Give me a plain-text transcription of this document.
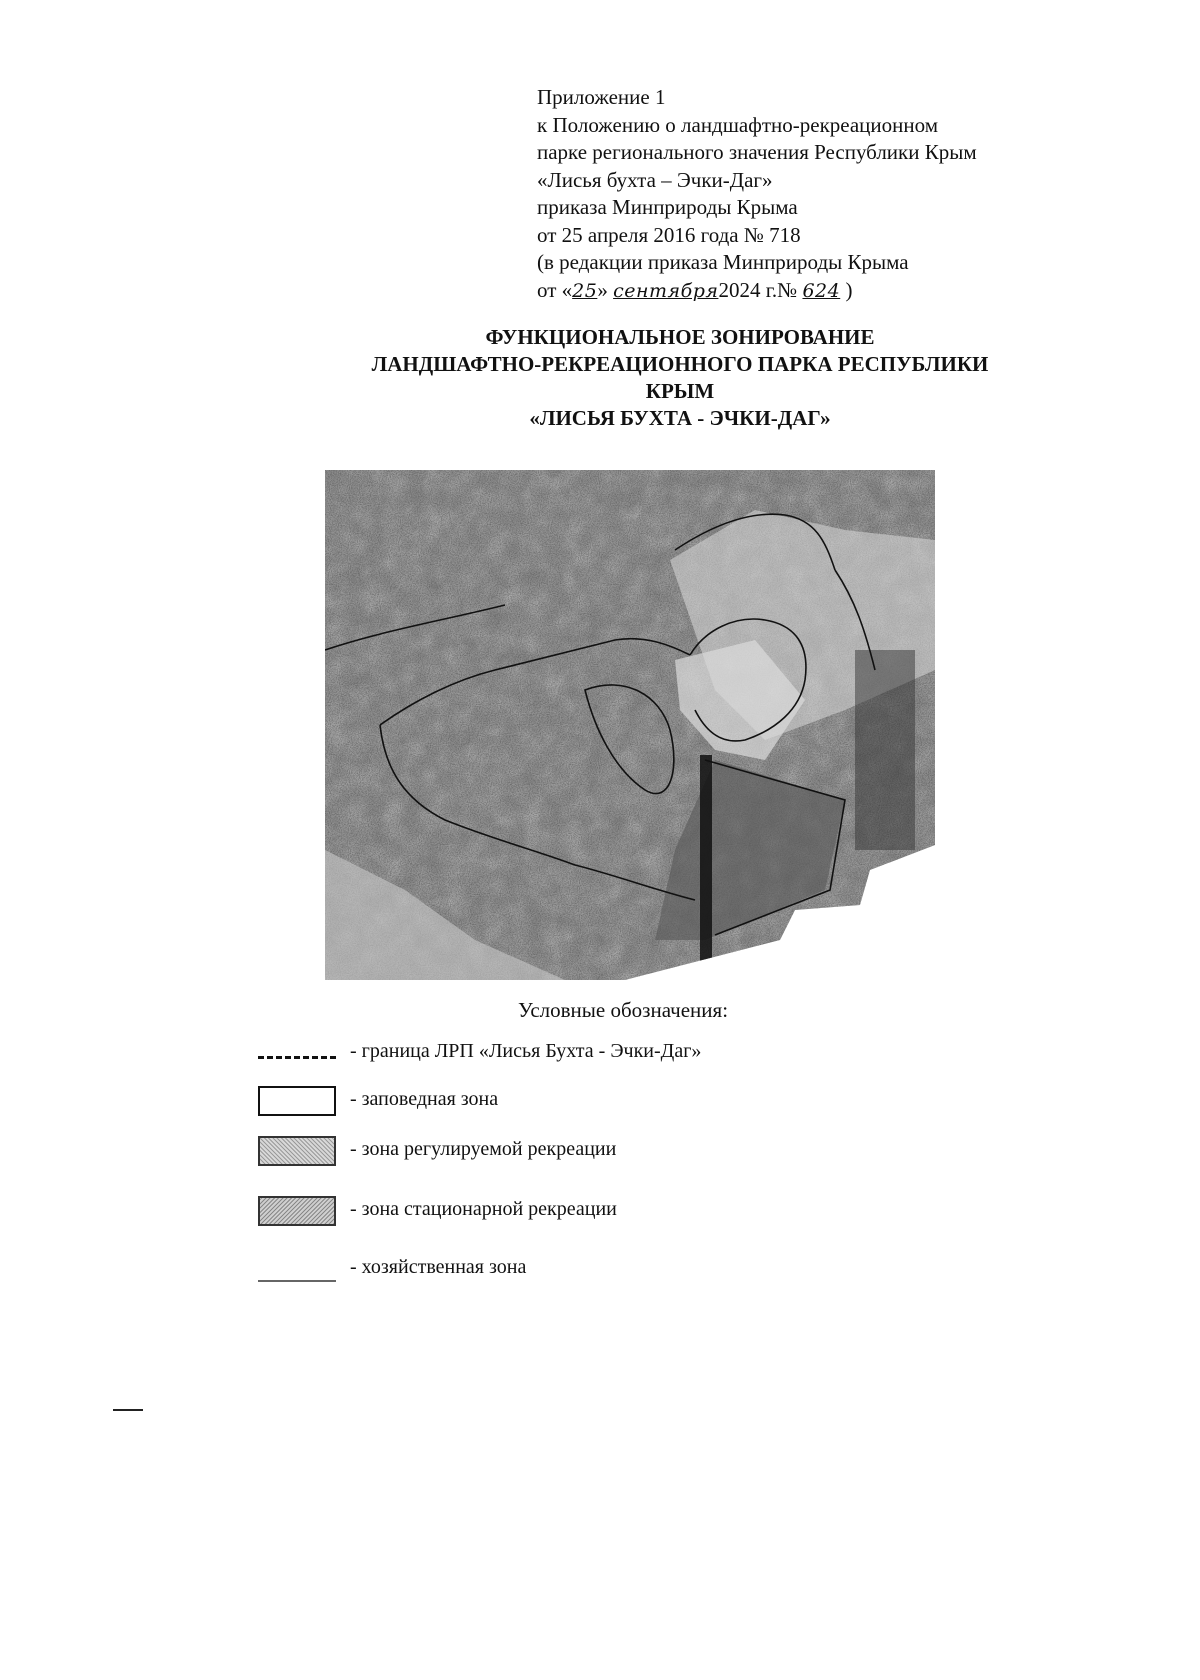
Приложение 1
к Положению о ландшафтно-рекреационном
парке регионального значения Республики Крым
«Лисья бухта – Эчки-Даг»
приказа Минприроды Крыма
от 25 апреля 2016 года № 718
(в редакции приказа Минприроды Крыма
от «25» сентября2024 г.№ 624 )
ФУНКЦИОНАЛЬНОЕ ЗОНИРОВАНИЕ
ЛАНДШАФТНО-РЕКРЕАЦИОННОГО ПАРКА РЕСПУБЛИКИ
КРЫМ
«ЛИСЬЯ БУХТА - ЭЧКИ-ДАГ»
Условные обозначения:
- граница ЛРП «Лисья Бухта - Эчки-Даг»
- заповедная зона
- зона регулируемой рекреации
- зона стационарной рекреации
- хозяйственная зона
